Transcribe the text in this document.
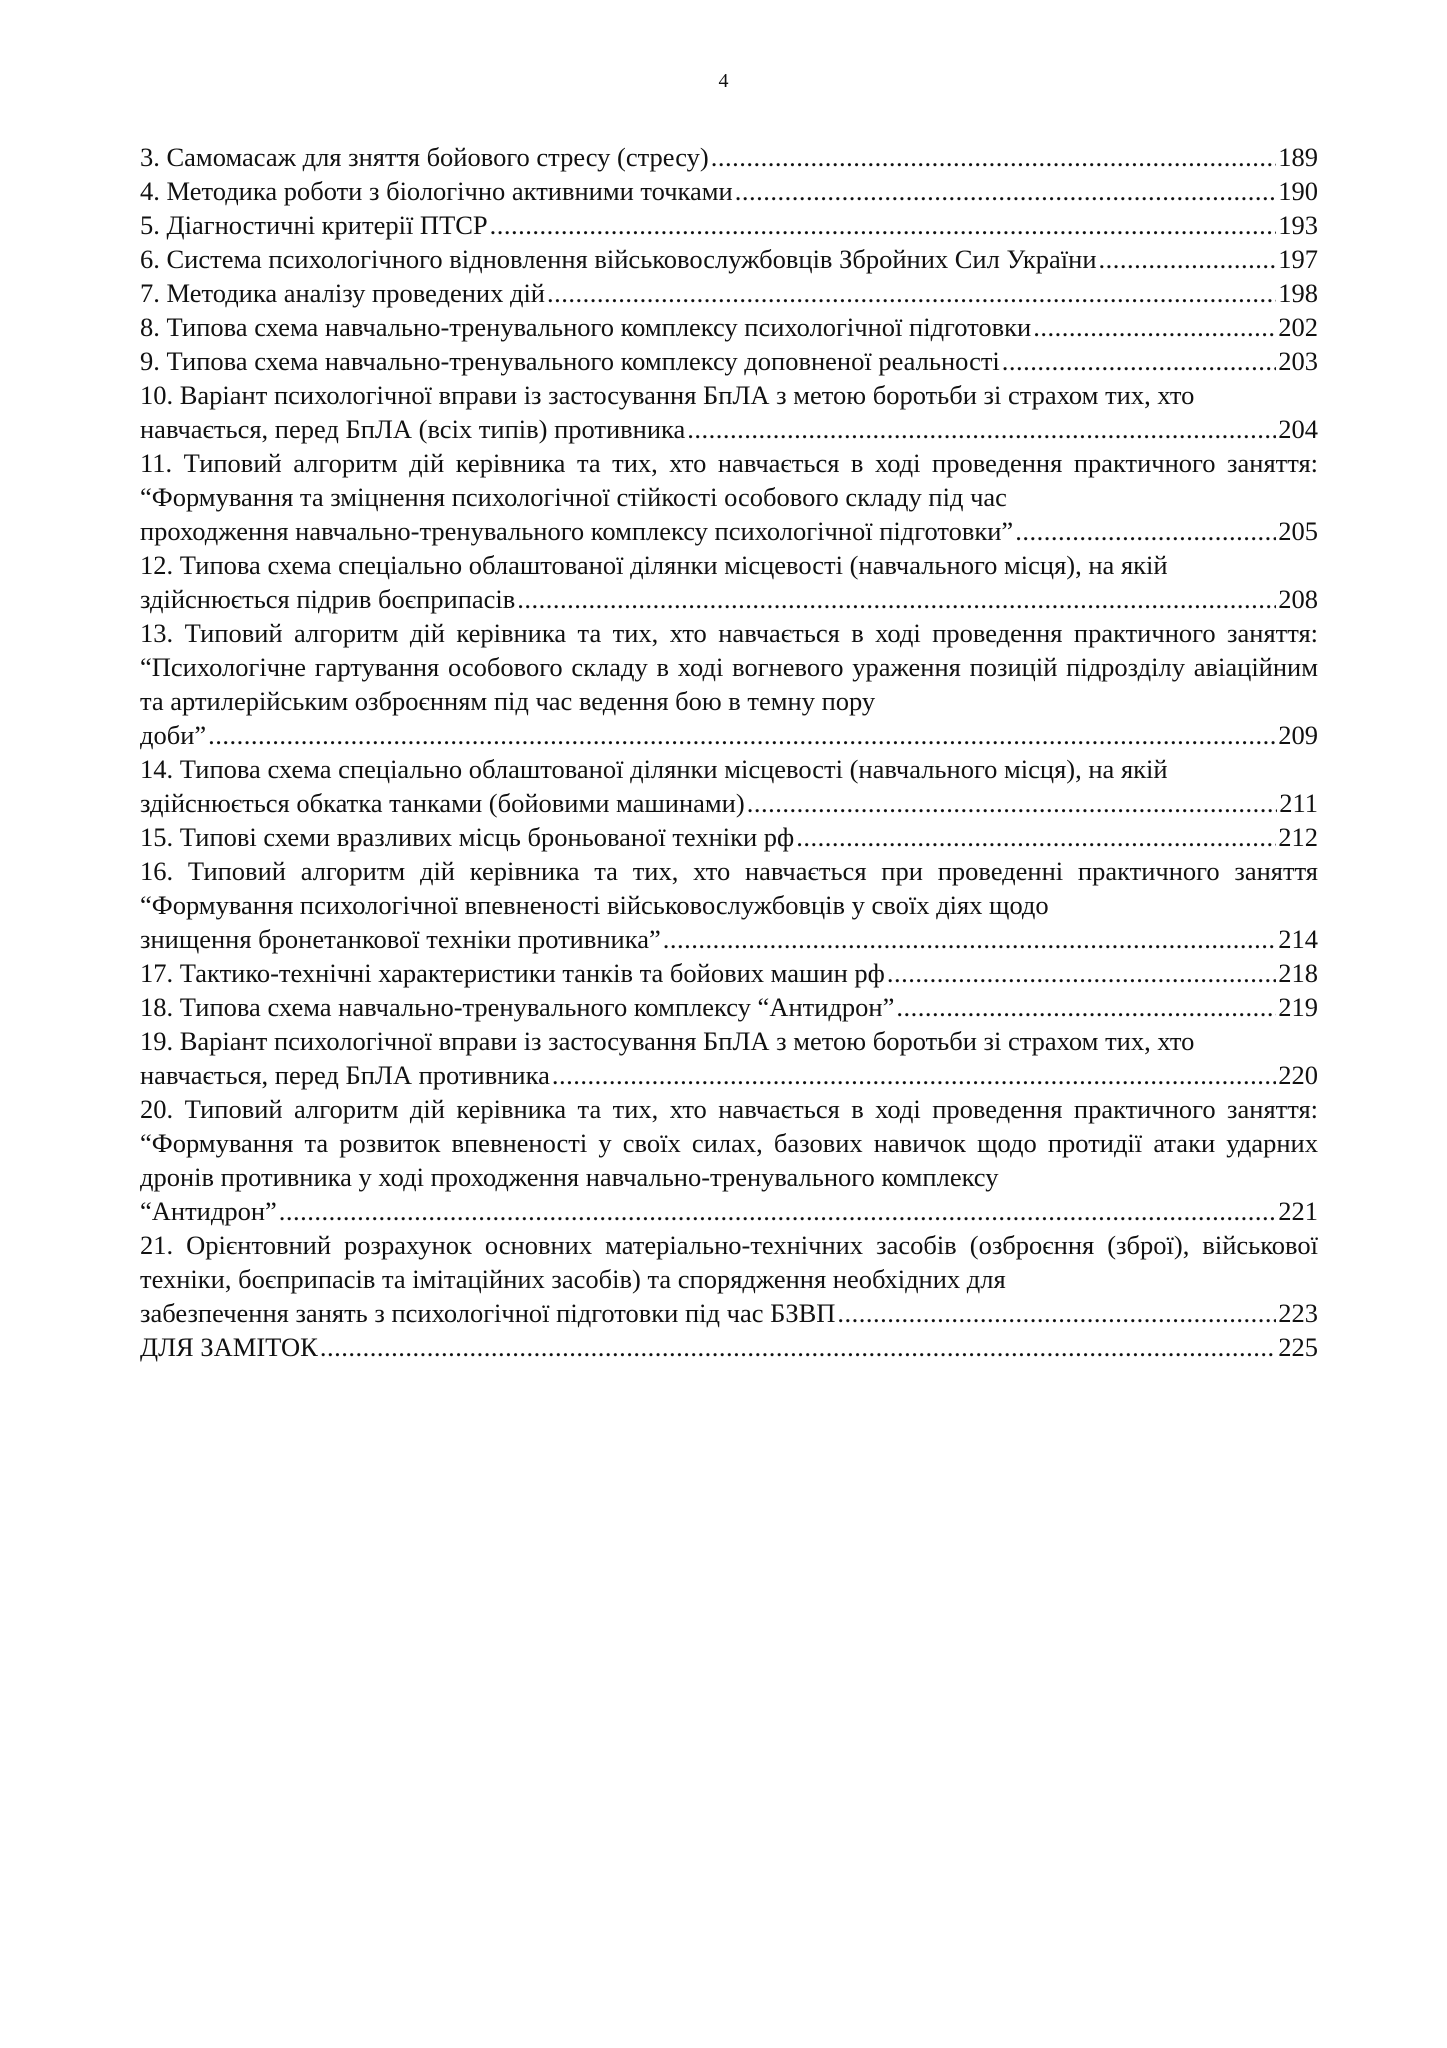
4
3. Самомасаж для зняття бойового стресу (стресу) .....	189
4. Методика роботи з біологічно активними точками .....	190
5. Діагностичні критерії ПТСР .....	193
6. Система психологічного відновлення військовослужбовців Збройних Сил України .....	197
7. Методика аналізу проведених дій .....	198
8. Типова схема навчально-тренувального комплексу психологічної підготовки .....	202
9. Типова схема навчально-тренувального комплексу доповненої реальності .....	203
10. Варіант психологічної вправи із застосування БпЛА з метою боротьби зі страхом тих, хто
навчається, перед БпЛА (всіх типів) противника .....	204
11. Типовий алгоритм дій керівника та тих, хто навчається в ході проведення практичного заняття: “Формування та зміцнення психологічної стійкості особового складу під час
проходження навчально-тренувального комплексу психологічної підготовки” .....	205
12. Типова схема спеціально облаштованої ділянки місцевості (навчального місця), на якій
здійснюється підрив боєприпасів .....	208
13. Типовий алгоритм дій керівника та тих, хто навчається в ході проведення практичного заняття: “Психологічне гартування особового складу в ході вогневого ураження позицій підрозділу авіаційним та артилерійським озброєнням під час ведення бою в темну пору
доби” .....	209
14. Типова схема спеціально облаштованої ділянки місцевості (навчального місця), на якій
здійснюється обкатка танками (бойовими машинами) .....	211
15. Типові схеми вразливих місць броньованої техніки рф .....	212
16. Типовий алгоритм дій керівника та тих, хто навчається при проведенні практичного заняття “Формування психологічної впевненості військовослужбовців у своїх діях щодо
знищення бронетанкової техніки противника” .....	214
17. Тактико-технічні характеристики танків та бойових машин рф .....	218
18. Типова схема навчально-тренувального комплексу “Антидрон” .....	219
19. Варіант психологічної вправи із застосування БпЛА з метою боротьби зі страхом тих, хто
навчається, перед БпЛА противника .....	220
20. Типовий алгоритм дій керівника та тих, хто навчається в ході проведення практичного заняття: “Формування та розвиток впевненості у своїх силах, базових навичок щодо протидії атаки ударних дронів противника у ході проходження навчально-тренувального комплексу
“Антидрон” .....	221
21. Орієнтовний розрахунок основних матеріально-технічних засобів (озброєння (зброї), військової техніки, боєприпасів та імітаційних засобів) та спорядження необхідних для
забезпечення занять з психологічної підготовки під час БЗВП .....	223
ДЛЯ ЗАМІТОК .....	225
